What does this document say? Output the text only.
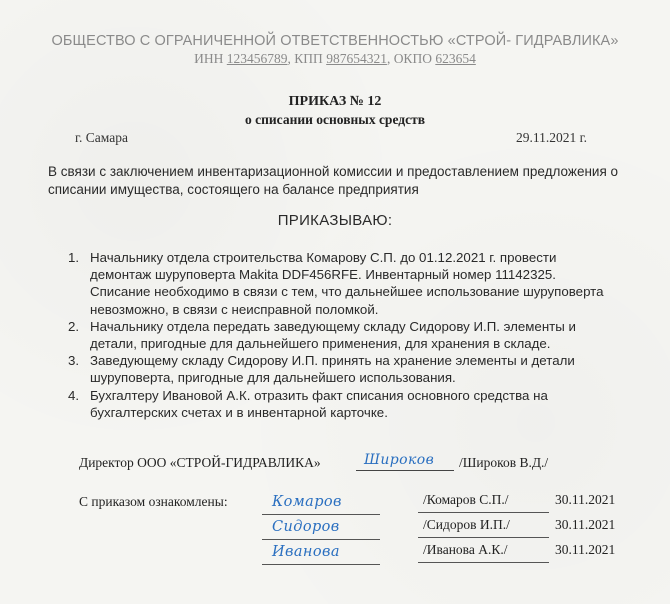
ОБЩЕСТВО С ОГРАНИЧЕННОЙ ОТВЕТСТВЕННОСТЬЮ «СТРОЙ- ГИДРАВЛИКА»
ИНН 123456789, КПП 987654321, ОКПО 623654
ПРИКАЗ № 12
о списании основных средств
г. Самара	29.11.2021 г.
В связи с заключением инвентаризационной комиссии и предоставлением предложения о списании имущества, состоящего на балансе предприятия
ПРИКАЗЫВАЮ:
1. Начальнику отдела строительства Комарову С.П. до 01.12.2021 г. провести демонтаж шуруповерта Makita DDF456RFE. Инвентарный номер 11142325. Списание необходимо в связи с тем, что дальнейшее использование шуруповерта невозможно, в связи с неисправной поломкой.
2. Начальнику отдела передать заведующему складу Сидорову И.П. элементы и детали, пригодные для дальнейшего применения, для хранения в складе.
3. Заведующему складу Сидорову И.П. принять на хранение элементы и детали шуруповерта, пригодные для дальнейшего использования.
4. Бухгалтеру Ивановой А.К. отразить факт списания основного средства на бухгалтерских счетах и в инвентарной карточке.
Директор ООО «СТРОЙ-ГИДРАВЛИКА»	Широков /Широков В.Д./
С приказом ознакомлены:	Комаров	/Комаров С.П./	30.11.2021
Сидоров	/Сидоров И.П./	30.11.2021
Иванова	/Иванова А.К./	30.11.2021
